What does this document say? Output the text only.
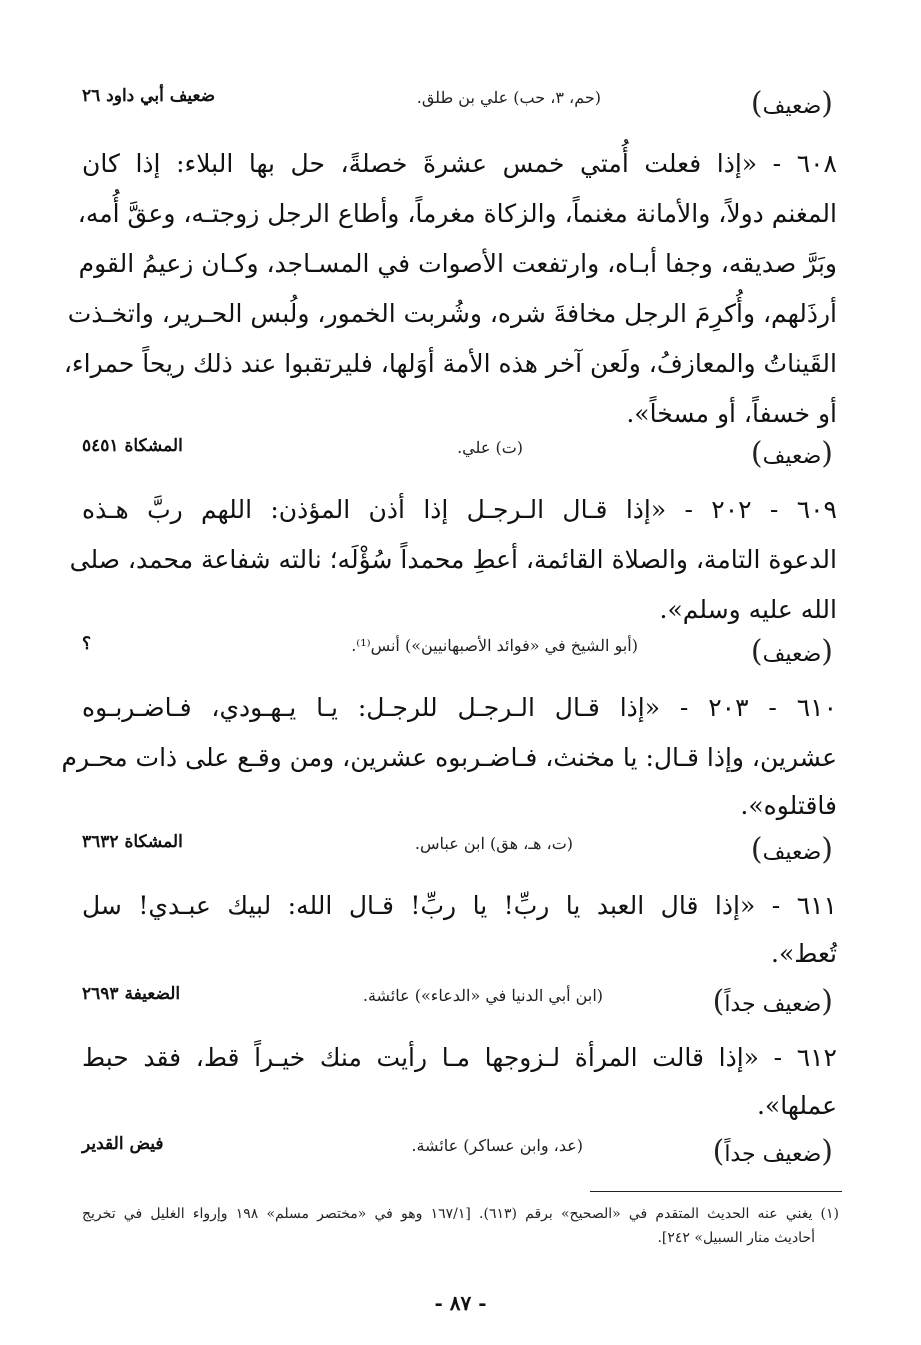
(ضعيف)
(حم، ٣، حب) علي بن طلق.
ضعيف أبي داود ٢٦
٦٠٨ - «إذا فعلت أُمتي خمس عشرةَ خصلةً، حل بها البلاء: إذا كان
المغنم دولاً، والأمانة مغنماً، والزكاة مغرماً، وأطاع الرجل زوجتـه، وعقَّ أُمه،
وبَرَّ صديقه، وجفا أبـاه، وارتفعت الأصوات في المسـاجد، وكـان زعيمُ القوم
أرذَلهم، وأُكرِمَ الرجل مخافةَ شره، وشُربت الخمور، ولُبس الحـرير، واتخـذت
القَيناتُ والمعازفُ، ولَعن آخر هذه الأمة أوَلها، فليرتقبوا عند ذلك ريحاً حمراء،
أو خسفاً، أو مسخاً».
(ضعيف)
(ت) علي.
المشكاة ٥٤٥١
٦٠٩ - ٢٠٢ - «إذا قـال الـرجـل إذا أذن المؤذن: اللهم ربَّ هـذه
الدعوة التامة، والصلاة القائمة، أعطِ محمداً سُؤْلَه؛ نالته شفاعة محمد، صلى
الله عليه وسلم».
(ضعيف)
(أبو الشيخ في «فوائد الأصبهانيين») أنس⁽¹⁾.
؟
٦١٠ - ٢٠٣ - «إذا قـال الـرجـل للرجـل: يـا يـهـودي، فـاضـربـوه
عشرين، وإذا قـال: يا مخنث، فـاضـربوه عشرين، ومن وقـع على ذات محـرم
فاقتلوه».
(ضعيف)
(ت، هـ، هق) ابن عباس.
المشكاة ٣٦٣٢
٦١١ - «إذا قال العبد يا ربِّ! يا ربِّ! قـال الله: لبيك عبـدي! سل
تُعط».
(ضعيف جداً)
(ابن أبي الدنيا في «الدعاء») عائشة.
الضعيفة ٢٦٩٣
٦١٢ - «إذا قالت المرأة لـزوجها مـا رأيت منك خيـراً قط، فقد حبط
عملها».
(ضعيف جداً)
(عد، وابن عساكر) عائشة.
فيض القدير
(١) يغني عنه الحديث المتقدم في «الصحيح» برقم (٦١٣). [١٦٧/١ وهو في «مختصر مسلم» ١٩٨ وإرواء الغليل في تخريج
أحاديث منار السبيل» ٢٤٢].
- ٨٧ -
